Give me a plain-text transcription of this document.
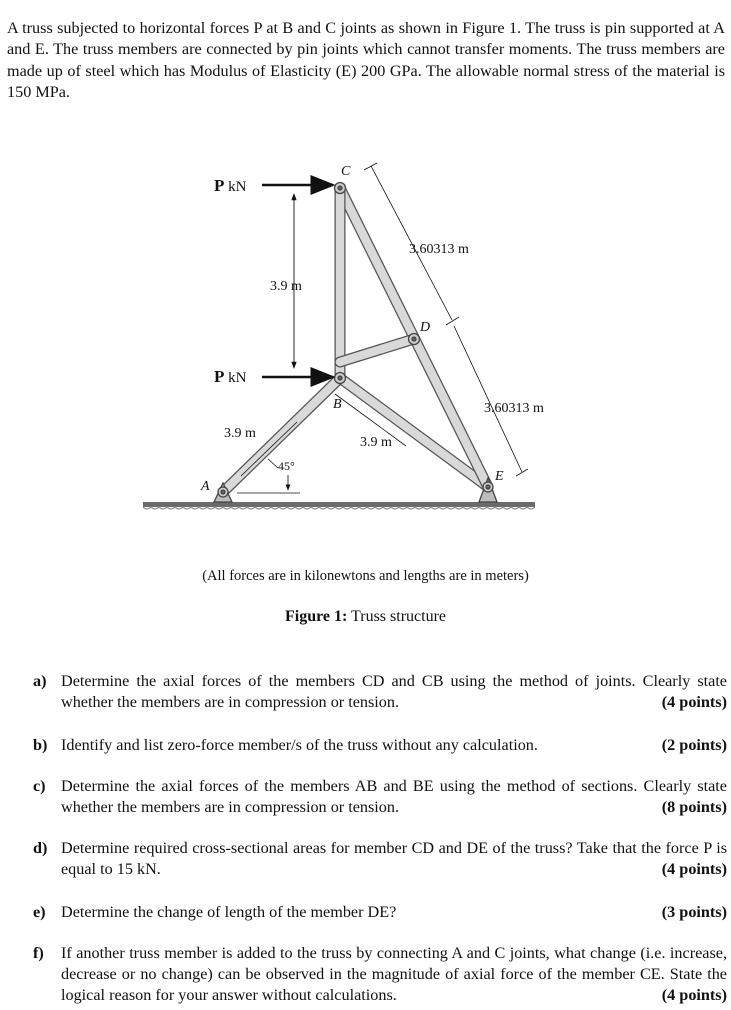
A truss subjected to horizontal forces P at B and C joints as shown in Figure 1. The truss is pin supported at A and E. The truss members are connected by pin joints which cannot transfer moments. The truss members are made up of steel which has Modulus of Elasticity (E) 200 GPa. The allowable normal stress of the material is 150 MPa.

P kN
P kN
3.9 m
3.60313 m
3.60313 m
3.9 m
3.9 m
45°
A
B
C
D
E
(All forces are in kilonewtons and lengths are in meters)
Figure 1: Truss structure
a) Determine the axial forces of the members CD and CB using the method of joints. Clearly state whether the members are in compression or tension.	(4 points)
b) Identify and list zero-force member/s of the truss without any calculation.	(2 points)
c) Determine the axial forces of the members AB and BE using the method of sections. Clearly state whether the members are in compression or tension.	(8 points)
d) Determine required cross-sectional areas for member CD and DE of the truss? Take that the force P is equal to 15 kN.	(4 points)
e) Determine the change of length of the member DE?	(3 points)
f) If another truss member is added to the truss by connecting A and C joints, what change (i.e. increase, decrease or no change) can be observed in the magnitude of axial force of the member CE. State the logical reason for your answer without calculations.	(4 points)
